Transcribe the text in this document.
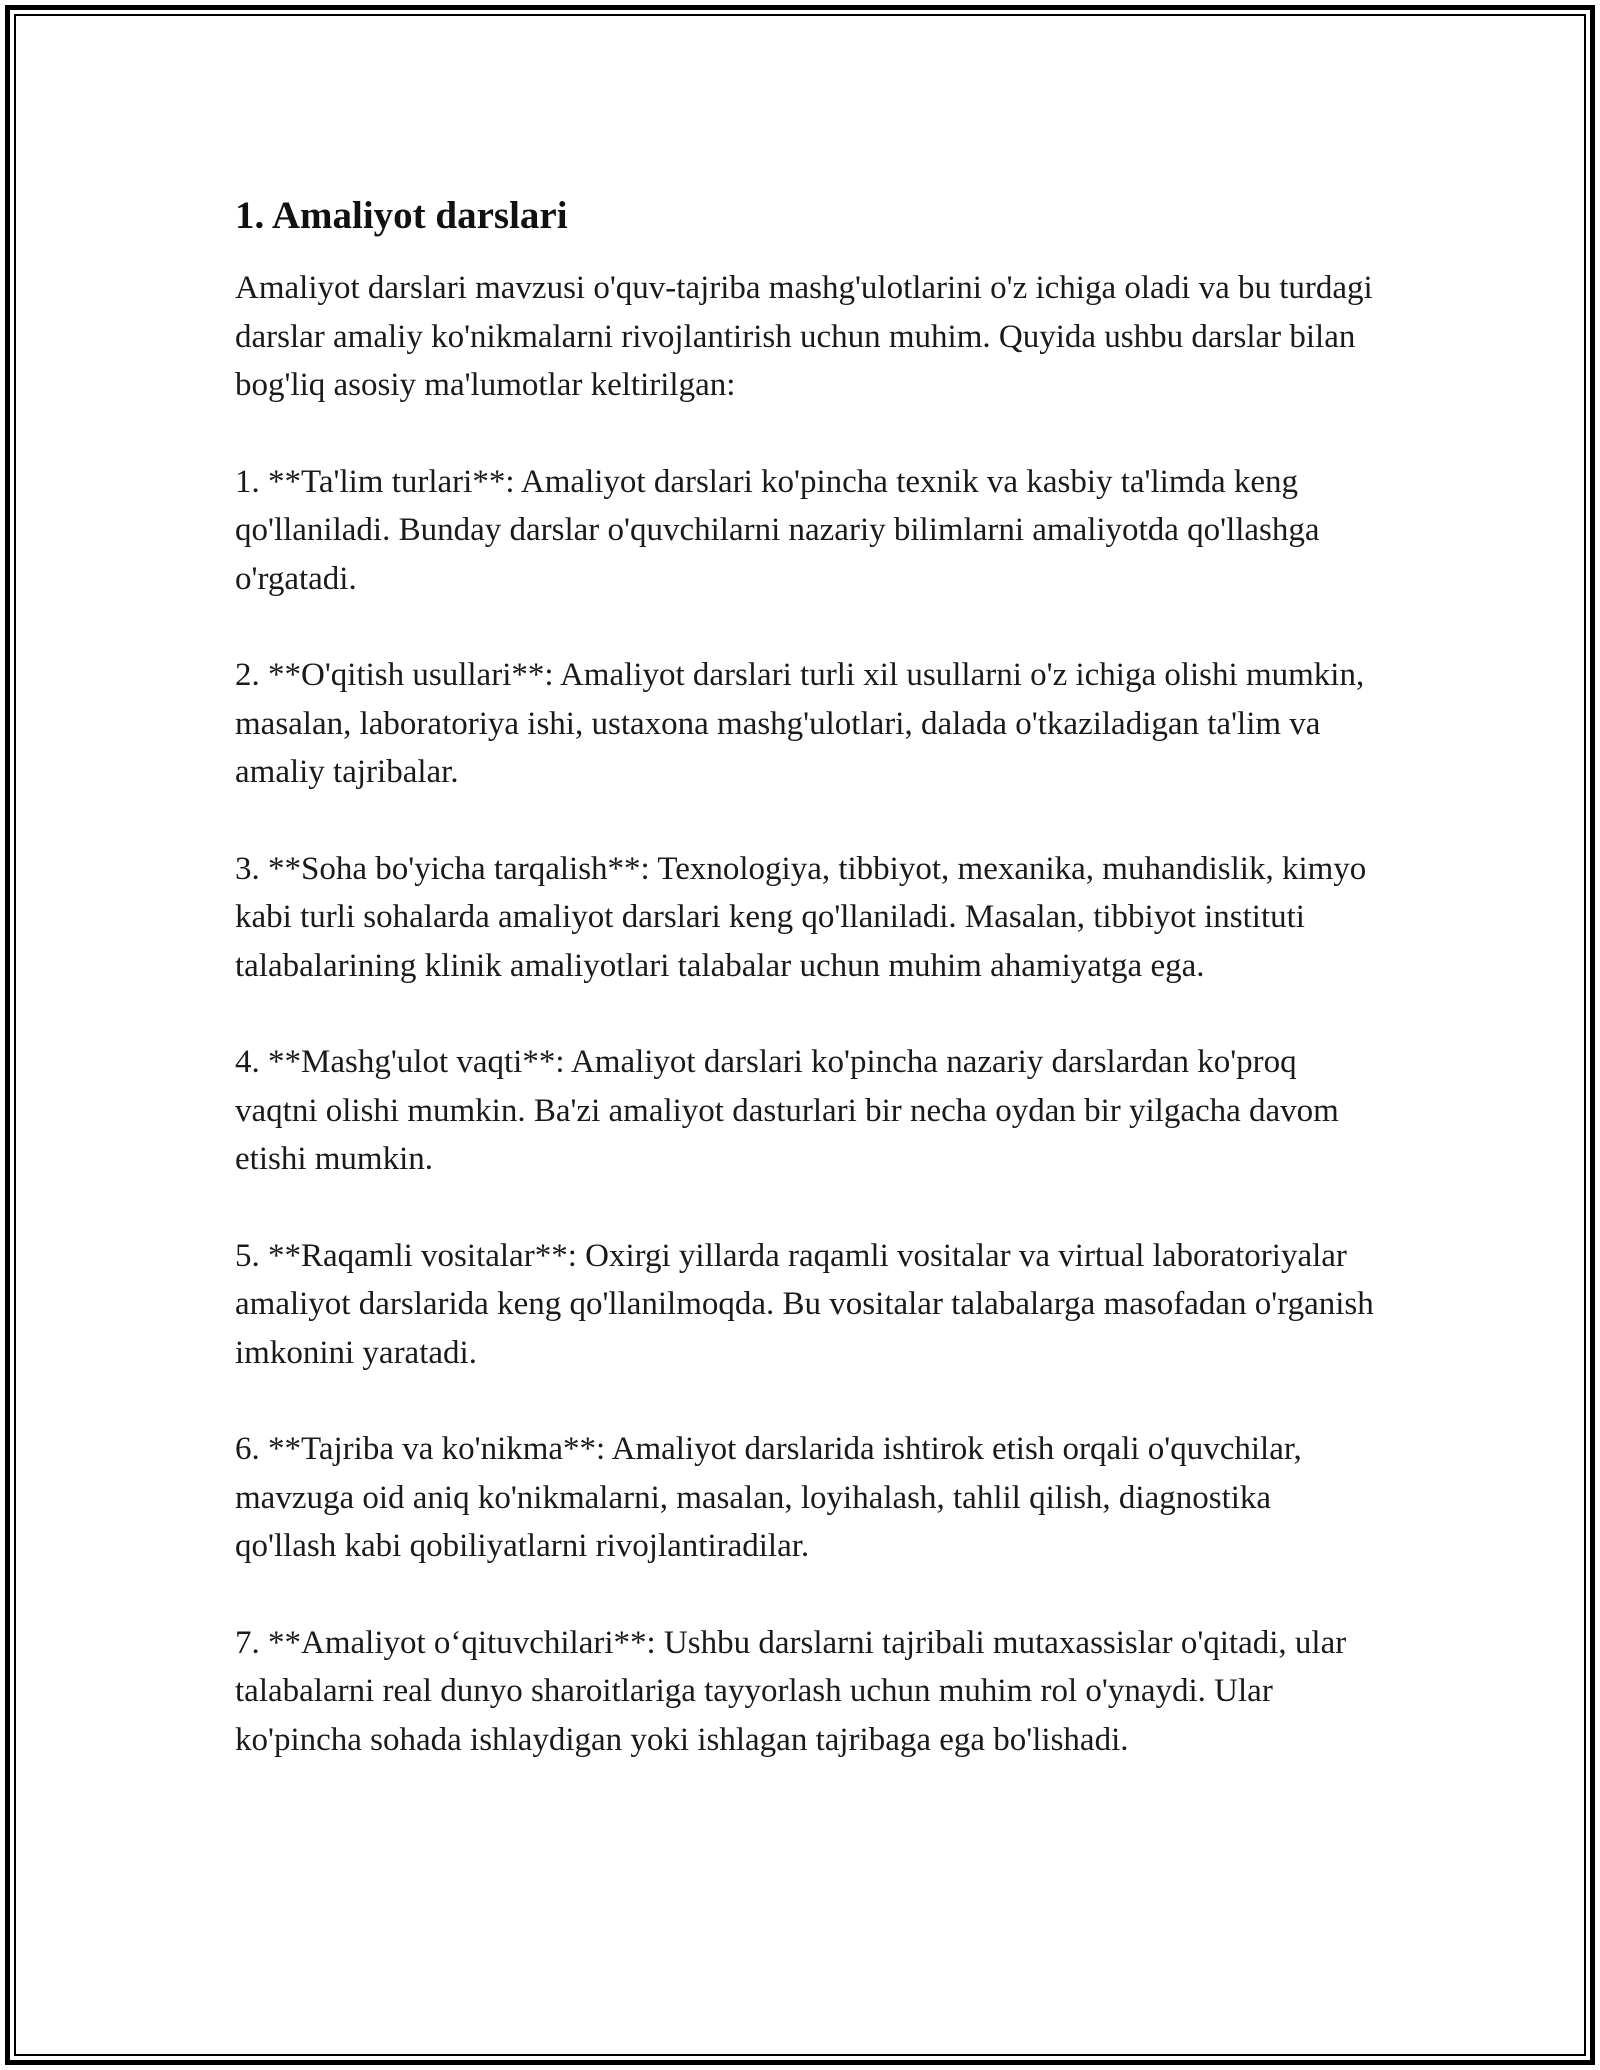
1. Amaliyot darslari

Amaliyot darslari mavzusi o'quv-tajriba mashg'ulotlarini o'z ichiga oladi va bu turdagi darslar amaliy ko'nikmalarni rivojlantirish uchun muhim. Quyida ushbu darslar bilan bog'liq asosiy ma'lumotlar keltirilgan:

1. **Ta'lim turlari**: Amaliyot darslari ko'pincha texnik va kasbiy ta'limda keng qo'llaniladi. Bunday darslar o'quvchilarni nazariy bilimlarni amaliyotda qo'llashga o'rgatadi.

2. **O'qitish usullari**: Amaliyot darslari turli xil usullarni o'z ichiga olishi mumkin, masalan, laboratoriya ishi, ustaxona mashg'ulotlari, dalada o'tkaziladigan ta'lim va amaliy tajribalar.

3. **Soha bo'yicha tarqalish**: Texnologiya, tibbiyot, mexanika, muhandislik, kimyo kabi turli sohalarda amaliyot darslari keng qo'llaniladi. Masalan, tibbiyot instituti talabalarining klinik amaliyotlari talabalar uchun muhim ahamiyatga ega.

4. **Mashg'ulot vaqti**: Amaliyot darslari ko'pincha nazariy darslardan ko'proq vaqtni olishi mumkin. Ba'zi amaliyot dasturlari bir necha oydan bir yilgacha davom etishi mumkin.

5. **Raqamli vositalar**: Oxirgi yillarda raqamli vositalar va virtual laboratoriyalar amaliyot darslarida keng qo'llanilmoqda. Bu vositalar talabalarga masofadan o'rganish imkonini yaratadi.

6. **Tajriba va ko'nikma**: Amaliyot darslarida ishtirok etish orqali o'quvchilar, mavzuga oid aniq ko'nikmalarni, masalan, loyihalash, tahlil qilish, diagnostika qo'llash kabi qobiliyatlarni rivojlantiradilar.

7. **Amaliyot o‘qituvchilari**: Ushbu darslarni tajribali mutaxassislar o'qitadi, ular talabalarni real dunyo sharoitlariga tayyorlash uchun muhim rol o'ynaydi. Ular ko'pincha sohada ishlaydigan yoki ishlagan tajribaga ega bo'lishadi.
